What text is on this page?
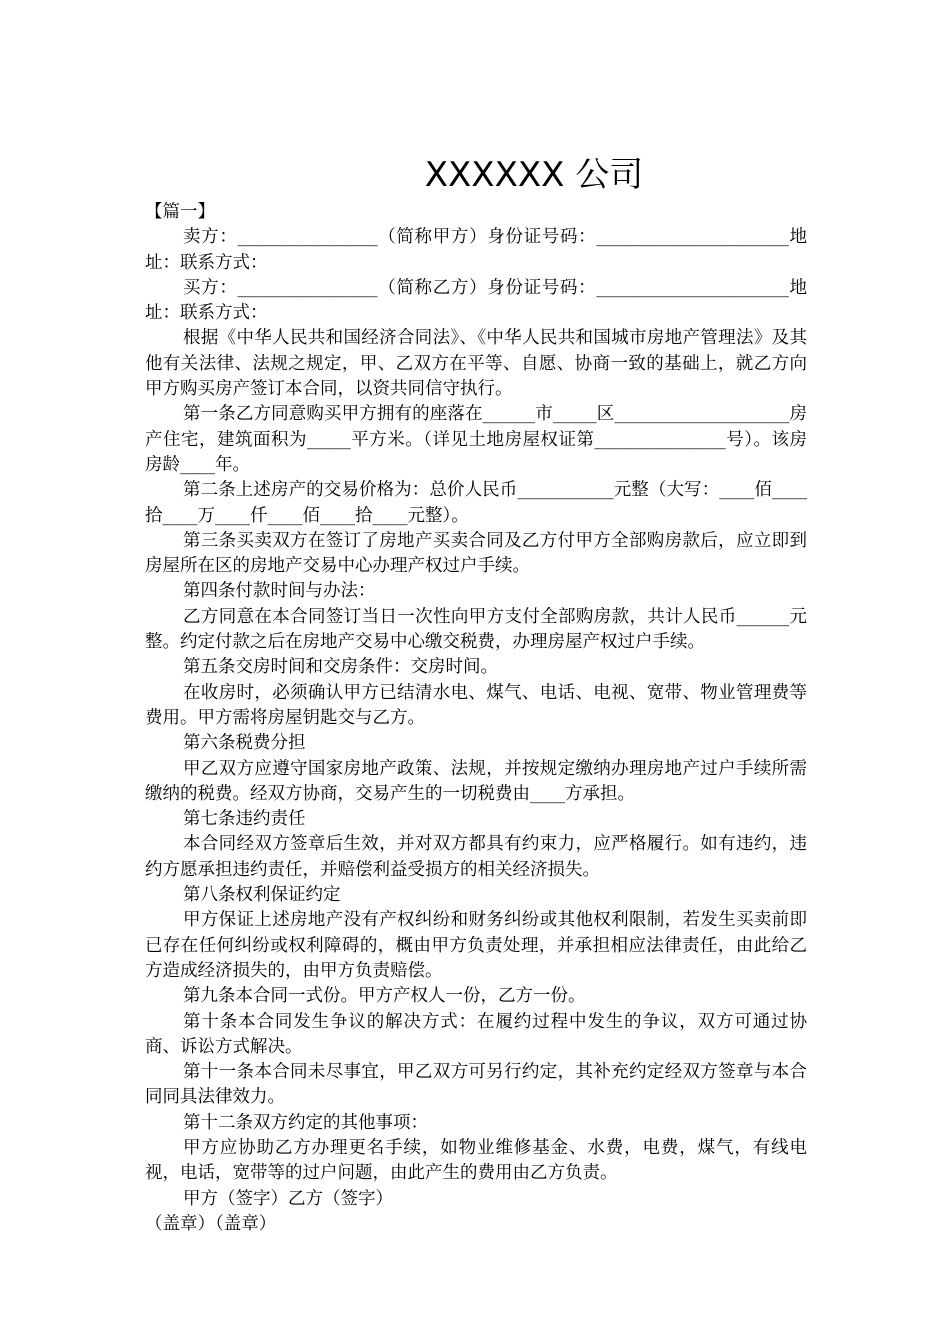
XXXXXX 公司

【篇一】

卖方：________________（简称甲方）身份证号码：______________________地址：联系方式：

买方：________________（简称乙方）身份证号码：______________________地址：联系方式：

根据《中华人民共和国经济合同法》、《中华人民共和国城市房地产管理法》及其他有关法律、法规之规定，甲、乙双方在平等、自愿、协商一致的基础上，就乙方向甲方购买房产签订本合同，以资共同信守执行。

第一条乙方同意购买甲方拥有的座落在______市_____区____________________房产住宅，建筑面积为_____平方米。（详见土地房屋权证第_______________号）。该房房龄____年。

第二条上述房产的交易价格为：总价人民币___________元整（大写：____佰____拾____万____仟____佰____拾____元整）。

第三条买卖双方在签订了房地产买卖合同及乙方付甲方全部购房款后，应立即到房屋所在区的房地产交易中心办理产权过户手续。

第四条付款时间与办法：

乙方同意在本合同签订当日一次性向甲方支付全部购房款，共计人民币______元整。约定付款之后在房地产交易中心缴交税费，办理房屋产权过户手续。

第五条交房时间和交房条件：交房时间。

在收房时，必须确认甲方已结清水电、煤气、电话、电视、宽带、物业管理费等费用。甲方需将房屋钥匙交与乙方。

第六条税费分担

甲乙双方应遵守国家房地产政策、法规，并按规定缴纳办理房地产过户手续所需缴纳的税费。经双方协商，交易产生的一切税费由____方承担。

第七条违约责任

本合同经双方签章后生效，并对双方都具有约束力，应严格履行。如有违约，违约方愿承担违约责任，并赔偿利益受损方的相关经济损失。

第八条权利保证约定

甲方保证上述房地产没有产权纠纷和财务纠纷或其他权利限制，若发生买卖前即已存在任何纠纷或权利障碍的，概由甲方负责处理，并承担相应法律责任，由此给乙方造成经济损失的，由甲方负责赔偿。

第九条本合同一式份。甲方产权人一份，乙方一份。

第十条本合同发生争议的解决方式：在履约过程中发生的争议，双方可通过协商、诉讼方式解决。

第十一条本合同未尽事宜，甲乙双方可另行约定，其补充约定经双方签章与本合同同具法律效力。

第十二条双方约定的其他事项：

甲方应协助乙方办理更名手续，如物业维修基金、水费，电费，煤气，有线电视，电话，宽带等的过户问题，由此产生的费用由乙方负责。

甲方（签字）乙方（签字）

（盖章）（盖章）
